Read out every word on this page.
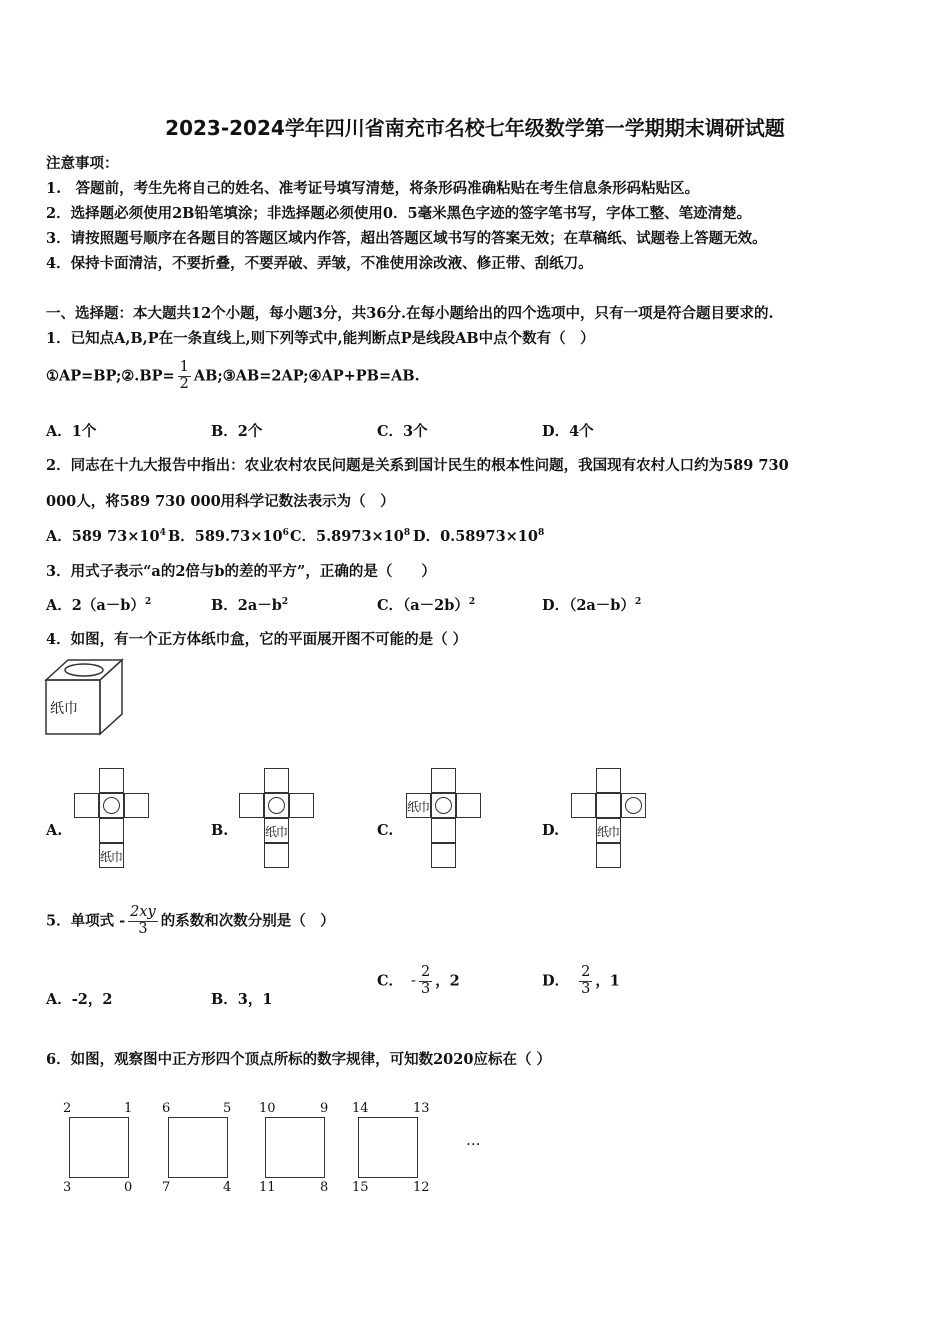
2023-2024学年四川省南充市名校七年级数学第一学期期末调研试题
注意事项：
1.　答题前，考生先将自己的姓名、准考证号填写清楚，将条形码准确粘贴在考生信息条形码粘贴区。
2．选择题必须使用2B铅笔填涂；非选择题必须使用0．5毫米黑色字迹的签字笔书写，字体工整、笔迹清楚。
3．请按照题号顺序在各题目的答题区域内作答，超出答题区域书写的答案无效；在草稿纸、试题卷上答题无效。
4．保持卡面清洁，不要折叠，不要弄破、弄皱，不准使用涂改液、修正带、刮纸刀。
一、选择题：本大题共12个小题，每小题3分，共36分.在每小题给出的四个选项中，只有一项是符合题目要求的.
1．已知点A,B,P在一条直线上,则下列等式中,能判断点P是线段AB中点个数有（　）
①AP=BP;②.BP= $\frac{1}{2}$ AB;③AB=2AP;④AP+PB=AB.
A．1个	B．2个	C．3个	D．4个
2．同志在十九大报告中指出：农业农村农民问题是关系到国计民生的根本性问题，我国现有农村人口约为589 730
000人，将589 730 000用科学记数法表示为（　）
A．589 $73\times 10^4$ B．$589.73\times 10^6$ C．$5.8973\times 10^8$ D．$0.58973\times 10^8$
3．用式子表示“a的2倍与b的差的平方”，正确的是（　　）
A．$2(a-b)^2$	B．$2a-b^2$	C．$(a-2b)^2$	D．$(2a-b)^2$
4．如图，有一个正方体纸巾盒，它的平面展开图不可能的是（ ）
纸巾
A.
纸巾
B.	纸巾	C.
纸巾
D.	纸巾
5．单项式 - $\frac{2xy}{3}$ 的系数和次数分别是（　）
A．-2，2	B．3，1
C． - $\frac{2}{3}$ ，2	D． $\frac{2}{3}$ ，1
6．如图，观察图中正方形四个顶点所标的数字规律，可知数2020应标在（ ）
…
2	1
3	0
6	5
7	4
10	9
11	8
14	13
15	12
